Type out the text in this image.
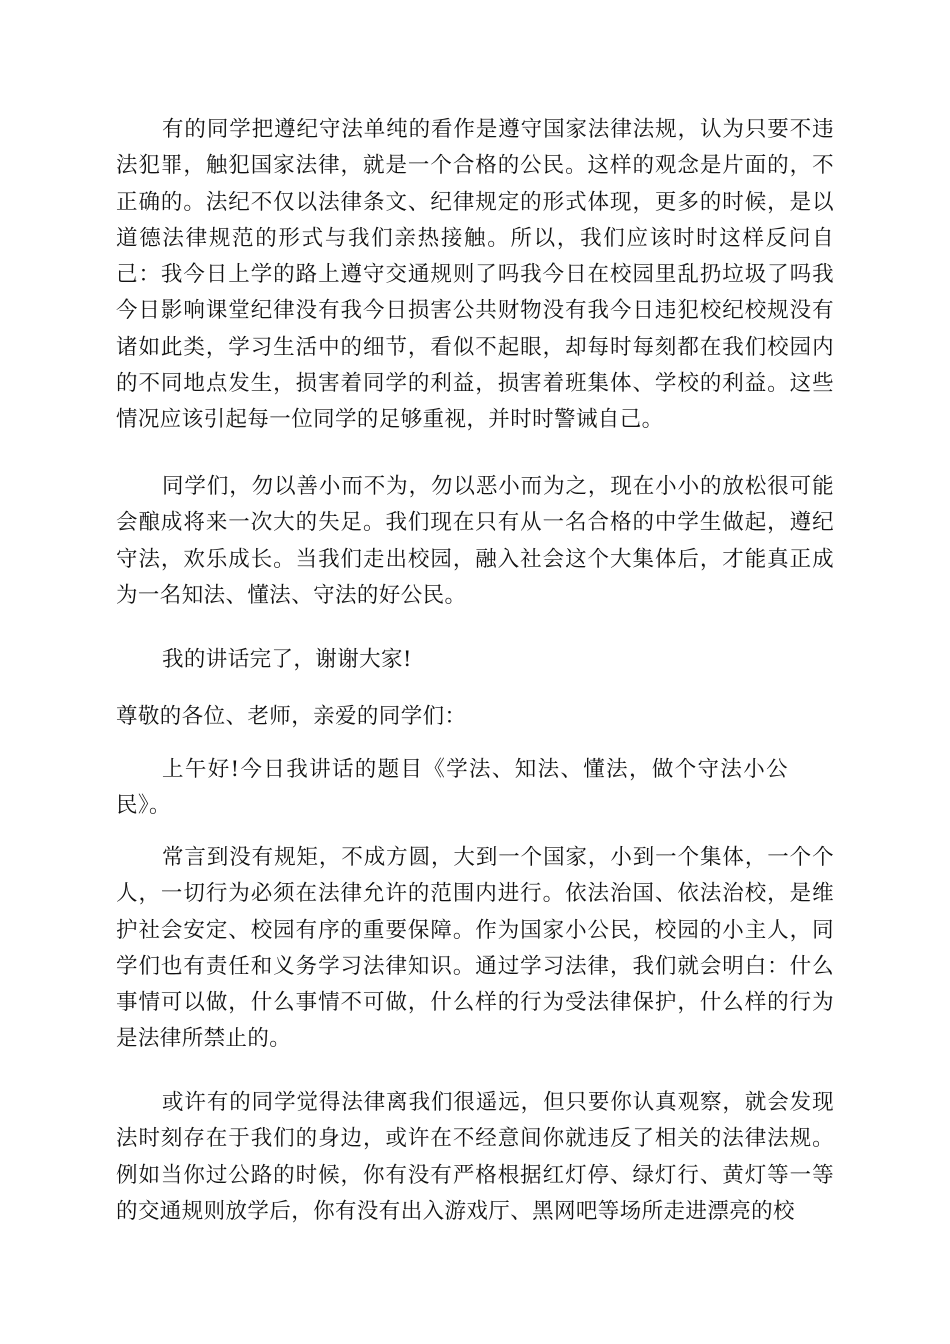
有的同学把遵纪守法单纯的看作是遵守国家法律法规，认为只要不违法犯罪，触犯国家法律，就是一个合格的公民。这样的观念是片面的，不正确的。法纪不仅以法律条文、纪律规定的形式体现，更多的时候，是以道德法律规范的形式与我们亲热接触。所以，我们应该时时这样反问自己：我今日上学的路上遵守交通规则了吗我今日在校园里乱扔垃圾了吗我今日影响课堂纪律没有我今日损害公共财物没有我今日违犯校纪校规没有诸如此类，学习生活中的细节，看似不起眼，却每时每刻都在我们校园内的不同地点发生，损害着同学的利益，损害着班集体、学校的利益。这些情况应该引起每一位同学的足够重视，并时时警诫自己。

同学们，勿以善小而不为，勿以恶小而为之，现在小小的放松很可能会酿成将来一次大的失足。我们现在只有从一名合格的中学生做起，遵纪守法，欢乐成长。当我们走出校园，融入社会这个大集体后，才能真正成为一名知法、懂法、守法的好公民。

我的讲话完了，谢谢大家!

尊敬的各位、老师，亲爱的同学们：

上午好!今日我讲话的题目《学法、知法、懂法，做个守法小公民》。

常言到没有规矩，不成方圆，大到一个国家，小到一个集体，一个个人，一切行为必须在法律允许的范围内进行。依法治国、依法治校，是维护社会安定、校园有序的重要保障。作为国家小公民，校园的小主人，同学们也有责任和义务学习法律知识。通过学习法律，我们就会明白：什么事情可以做，什么事情不可做，什么样的行为受法律保护，什么样的行为是法律所禁止的。

或许有的同学觉得法律离我们很遥远，但只要你认真观察，就会发现法时刻存在于我们的身边，或许在不经意间你就违反了相关的法律法规。例如当你过公路的时候，你有没有严格根据红灯停、绿灯行、黄灯等一等的交通规则放学后，你有没有出入游戏厅、黑网吧等场所走进漂亮的校
